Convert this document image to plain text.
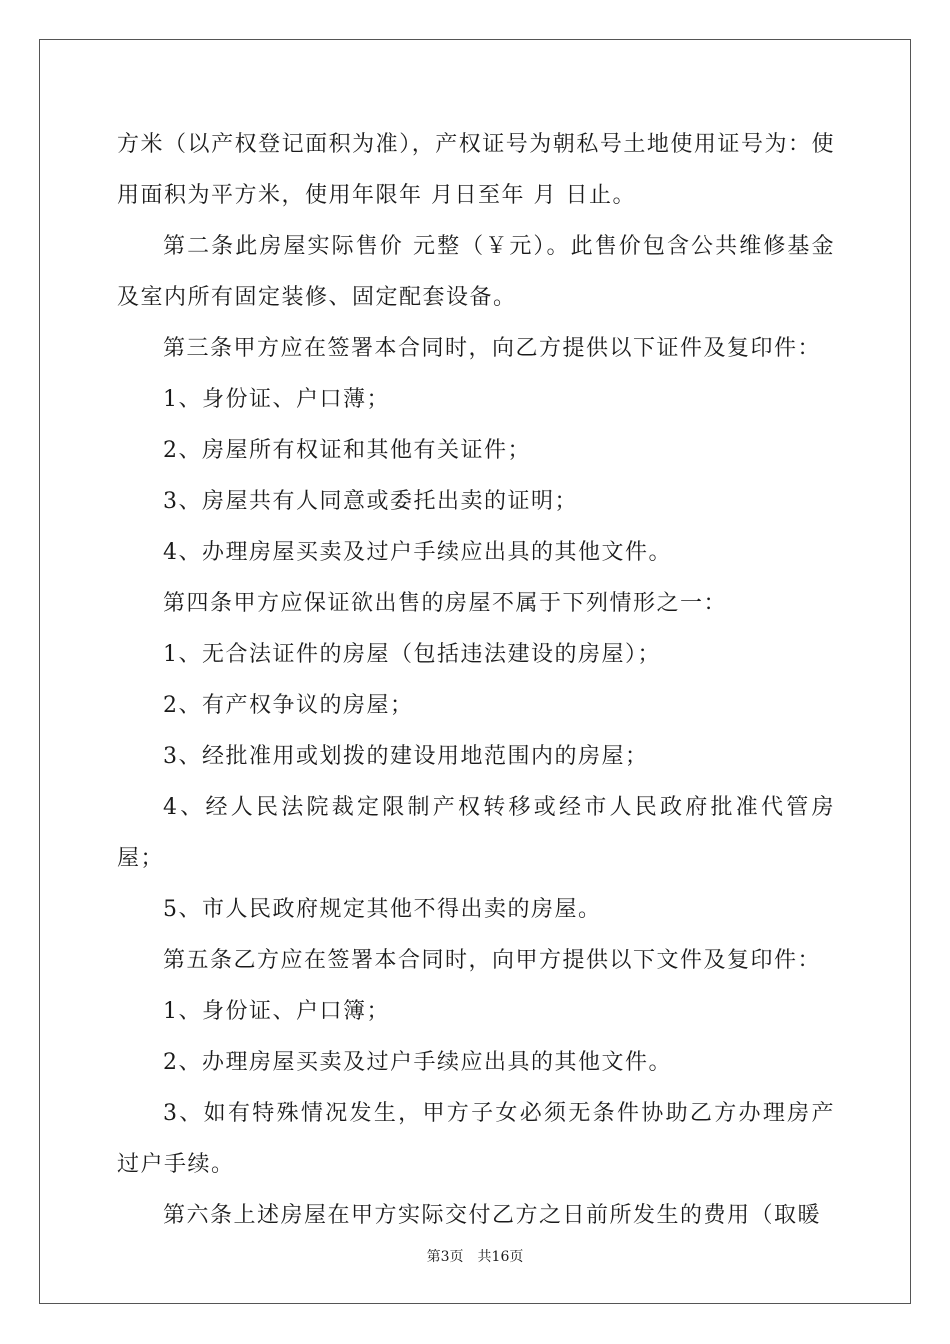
方米（以产权登记面积为准），产权证号为朝私号土地使用证号为：使用面积为平方米，使用年限年 月日至年 月 日止。

第二条此房屋实际售价 元整（￥元）。此售价包含公共维修基金及室内所有固定装修、固定配套设备。

第三条甲方应在签署本合同时，向乙方提供以下证件及复印件：

1、身份证、户口薄；

2、房屋所有权证和其他有关证件；

3、房屋共有人同意或委托出卖的证明；

4、办理房屋买卖及过户手续应出具的其他文件。

第四条甲方应保证欲出售的房屋不属于下列情形之一：

1、无合法证件的房屋（包括违法建设的房屋）；

2、有产权争议的房屋；

3、经批准用或划拨的建设用地范围内的房屋；

4、经人民法院裁定限制产权转移或经市人民政府批准代管房屋；

5、市人民政府规定其他不得出卖的房屋。

第五条乙方应在签署本合同时，向甲方提供以下文件及复印件：

1、身份证、户口簿；

2、办理房屋买卖及过户手续应出具的其他文件。

3、如有特殊情况发生，甲方子女必须无条件协助乙方办理房产过户手续。

第六条上述房屋在甲方实际交付乙方之日前所发生的费用（取暖

第3页 共16页
